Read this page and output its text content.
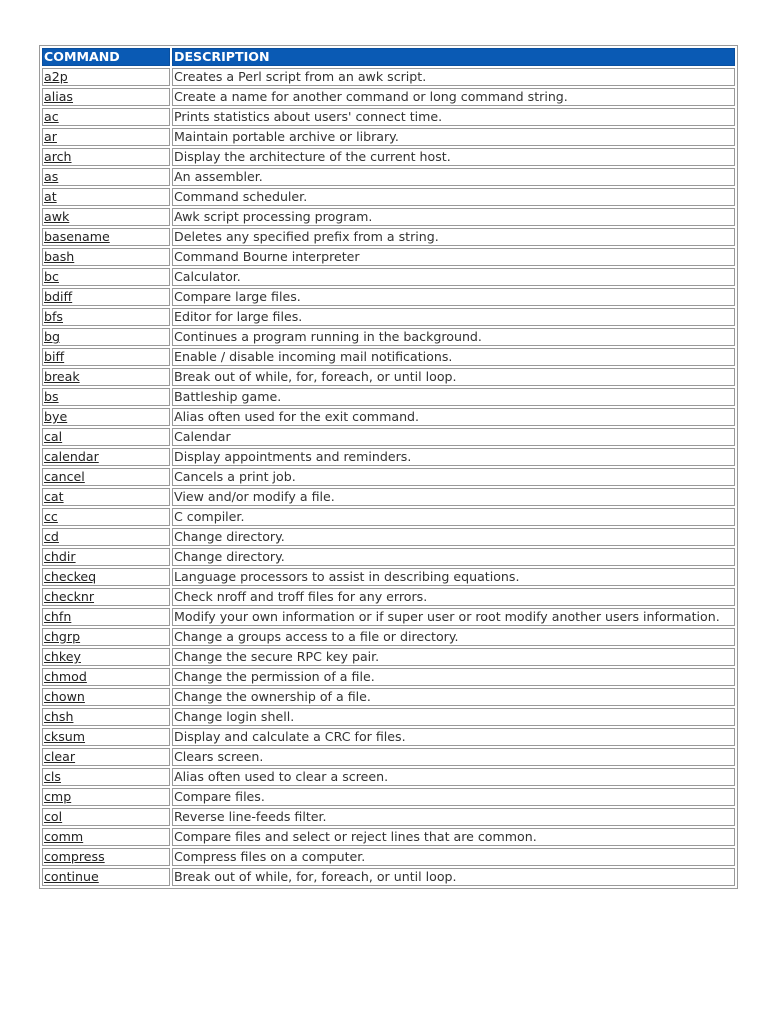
COMMAND	DESCRIPTION
a2p	Creates a Perl script from an awk script.
alias	Create a name for another command or long command string.
ac	Prints statistics about users' connect time.
ar	Maintain portable archive or library.
arch	Display the architecture of the current host.
as	An assembler.
at	Command scheduler.
awk	Awk script processing program.
basename	Deletes any specified prefix from a string.
bash	Command Bourne interpreter
bc	Calculator.
bdiff	Compare large files.
bfs	Editor for large files.
bg	Continues a program running in the background.
biff	Enable / disable incoming mail notifications.
break	Break out of while, for, foreach, or until loop.
bs	Battleship game.
bye	Alias often used for the exit command.
cal	Calendar
calendar	Display appointments and reminders.
cancel	Cancels a print job.
cat	View and/or modify a file.
cc	C compiler.
cd	Change directory.
chdir	Change directory.
checkeq	Language processors to assist in describing equations.
checknr	Check nroff and troff files for any errors.
chfn	Modify your own information or if super user or root modify another users information.
chgrp	Change a groups access to a file or directory.
chkey	Change the secure RPC key pair.
chmod	Change the permission of a file.
chown	Change the ownership of a file.
chsh	Change login shell.
cksum	Display and calculate a CRC for files.
clear	Clears screen.
cls	Alias often used to clear a screen.
cmp	Compare files.
col	Reverse line-feeds filter.
comm	Compare files and select or reject lines that are common.
compress	Compress files on a computer.
continue	Break out of while, for, foreach, or until loop.
